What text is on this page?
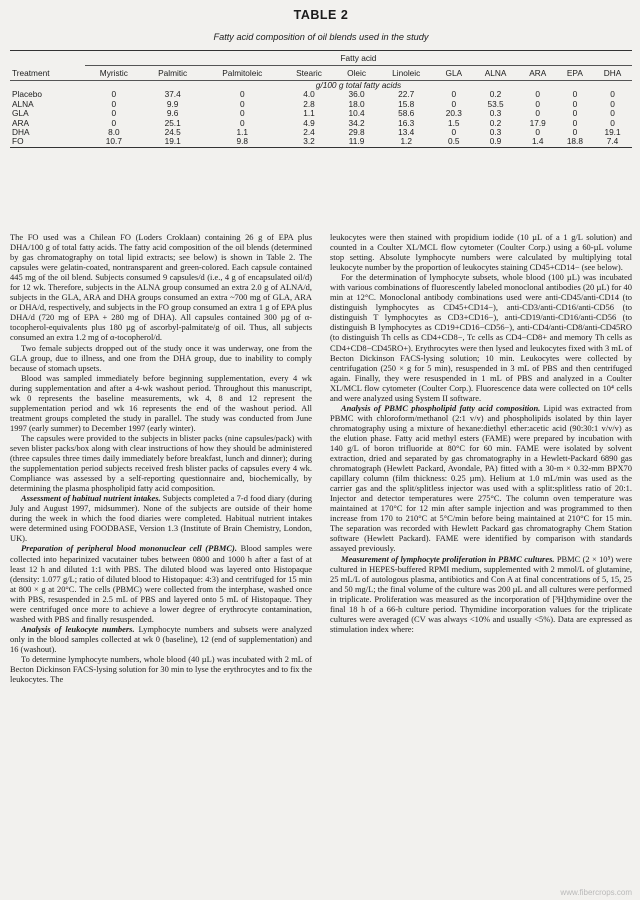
TABLE 2
Fatty acid composition of oil blends used in the study
	Fatty acid										
Treatment	Myristic	Palmitic	Palmitoleic	Stearic	Oleic	Linoleic	GLA	ALNA	ARA	EPA	DHA
	g/100 g total fatty acids										
Placebo	0	37.4	0	4.0	36.0	22.7	0	0.2	0	0	0
ALNA	0	9.9	0	2.8	18.0	15.8	0	53.5	0	0	0
GLA	0	9.6	0	1.1	10.4	58.6	20.3	0.3	0	0	0
ARA	0	25.1	0	4.9	34.2	16.3	1.5	0.2	17.9	0	0
DHA	8.0	24.5	1.1	2.4	29.8	13.4	0	0.3	0	0	19.1
FO	10.7	19.1	9.8	3.2	11.9	1.2	0.5	0.9	1.4	18.8	7.4

The FO used was a Chilean FO (Loders Croklaan) containing 26 g of EPA plus DHA/100 g of total fatty acids. The fatty acid composition of the oil blends (determined by gas chromatography on total lipid extracts; see below) is shown in Table 2. The capsules were gelatin-coated, nontransparent and green-colored. Each capsule contained 445 mg of the oil blend. Subjects consumed 9 capsules/d (i.e., 4 g of encapsulated oil/d) for 12 wk. Therefore, subjects in the ALNA group consumed an extra 2.0 g of ALNA/d, subjects in the GLA, ARA and DHA groups consumed an extra ~700 mg of GLA, ARA or DHA/d, respectively, and subjects in the FO group consumed an extra 1 g of EPA plus DHA/d (720 mg of EPA + 280 mg of DHA). All capsules contained 300 µg of α-tocopherol-equivalents plus 180 µg of ascorbyl-palmitate/g of oil. Thus, all subjects consumed an extra 1.2 mg of α-tocopherol/d.

Two female subjects dropped out of the study once it was underway, one from the GLA group, due to illness, and one from the DHA group, due to inability to comply because of stomach upsets.

Blood was sampled immediately before beginning supplementation, every 4 wk during supplementation and after a 4-wk washout period. Throughout this manuscript, wk 0 represents the baseline measurements, wk 4, 8 and 12 represent the supplementation period and wk 16 represents the end of the washout period. All treatment groups completed the study in parallel. The study was conducted from June 1997 (early summer) to December 1997 (early winter).

The capsules were provided to the subjects in blister packs (nine capsules/pack) with seven blister packs/box along with clear instructions of how they should be administered (three capsules three times daily immediately before breakfast, lunch and dinner); during the supplementation period subjects received fresh blister packs of capsules every 4 wk. Compliance was assessed by a self-reporting questionnaire and, biochemically, by determining the plasma phospholipid fatty acid composition.

Assessment of habitual nutrient intakes. Subjects completed a 7-d food diary (during July and August 1997, midsummer). None of the subjects are outside of their home during the week in which the food diaries were completed. Habitual nutrient intakes were determined using FOODBASE, Version 1.3 (Institute of Brain Chemistry, London, UK).

Preparation of peripheral blood mononuclear cell (PBMC). Blood samples were collected into heparinized vacutainer tubes between 0800 and 1000 h after a fast of at least 12 h and diluted 1:1 with PBS. The diluted blood was layered onto Histopaque (density: 1.077 g/L; ratio of diluted blood to Histopaque: 4:3) and centrifuged for 15 min at 800 × g at 20°C. The cells (PBMC) were collected from the interphase, washed once with PBS, resuspended in 2.5 mL of PBS and layered onto 5 mL of Histopaque. They were centrifuged once more to achieve a lower degree of erythrocyte contamination, washed with PBS and finally resuspended.

Analysis of leukocyte numbers. Lymphocyte numbers and subsets were analyzed only in the blood samples collected at wk 0 (baseline), 12 (end of supplementation) and 16 (washout).

To determine lymphocyte numbers, whole blood (40 µL) was incubated with 2 mL of Becton Dickinson FACS-lysing solution for 30 min to lyse the erythrocytes and to fix the leukocytes. The

leukocytes were then stained with propidium iodide (10 µL of a 1 g/L solution) and counted in a Coulter XL/MCL flow cytometer (Coulter Corp.) using a 60-µL volume stop setting. Absolute lymphocyte numbers were calculated by multiplying total leukocyte number by the proportion of leukocytes staining CD45+CD14− (see below).

For the determination of lymphocyte subsets, whole blood (100 µL) was incubated with various combinations of fluorescently labeled monoclonal antibodies (20 µL) for 40 min at 12°C. Monoclonal antibody combinations used were anti-CD45/anti-CD14 (to distinguish lymphocytes as CD45+CD14−), anti-CD3/anti-CD16/anti-CD56 (to distinguish T lymphocytes as CD3+CD16−), anti-CD19/anti-CD16/anti-CD56 (to distinguish B lymphocytes as CD19+CD16−CD56−), anti-CD4/anti-CD8/anti-CD45RO (to distinguish Th cells as CD4+CD8−, Tc cells as CD4−CD8+ and memory Th cells as CD4+CD8−CD45RO+). Erythrocytes were then lysed and leukocytes fixed with 3 mL of Becton Dickinson FACS-lysing solution; 10 min. Leukocytes were collected by centrifugation (250 × g for 5 min), resuspended in 3 mL of PBS and then centrifuged again. Finally, they were resuspended in 1 mL of PBS and analyzed in a Coulter XL/MCL flow cytometer (Coulter Corp.). Fluorescence data were collected on 10⁴ cells and were analyzed using System II software.

Analysis of PBMC phospholipid fatty acid composition. Lipid was extracted from PBMC with chloroform/methanol (2:1 v/v) and phospholipids isolated by thin layer chromatography using a mixture of hexane:diethyl ether:acetic acid (90:30:1 v/v/v) as the elution phase. Fatty acid methyl esters (FAME) were prepared by incubation with 140 g/L of boron trifluoride at 80°C for 60 min. FAME were isolated by solvent extraction, dried and separated by gas chromatography in a Hewlett-Packard 6890 gas chromatograph (Hewlett Packard, Avondale, PA) fitted with a 30-m × 0.32-mm BPX70 capillary column (film thickness: 0.25 µm). Helium at 1.0 mL/min was used as the carrier gas and the split/splitless injector was used with a split:splitless ratio of 20:1. Injector and detector temperatures were 275°C. The column oven temperature was maintained at 170°C for 12 min after sample injection and was programmed to then increase from 170 to 210°C at 5°C/min before being maintained at 210°C for 15 min. The separation was recorded with Hewlett Packard gas chromatography Chem Station software (Hewlett Packard). FAME were identified by comparison with standards assayed previously.

Measurement of lymphocyte proliferation in PBMC cultures. PBMC (2 × 10⁵) were cultured in HEPES-buffered RPMI medium, supplemented with 2 mmol/L of glutamine, 25 mL/L of autologous plasma, antibiotics and Con A at final concentrations of 5, 15, 25 and 50 mg/L; the final volume of the culture was 200 µL and all cultures were performed in triplicate. Proliferation was measured as the incorporation of [³H]thymidine over the final 18 h of a 66-h culture period. Thymidine incorporation values for the triplicate cultures were averaged (CV was always <10% and usually <5%). Data are expressed as stimulation index where:

www.fibercrops.com
